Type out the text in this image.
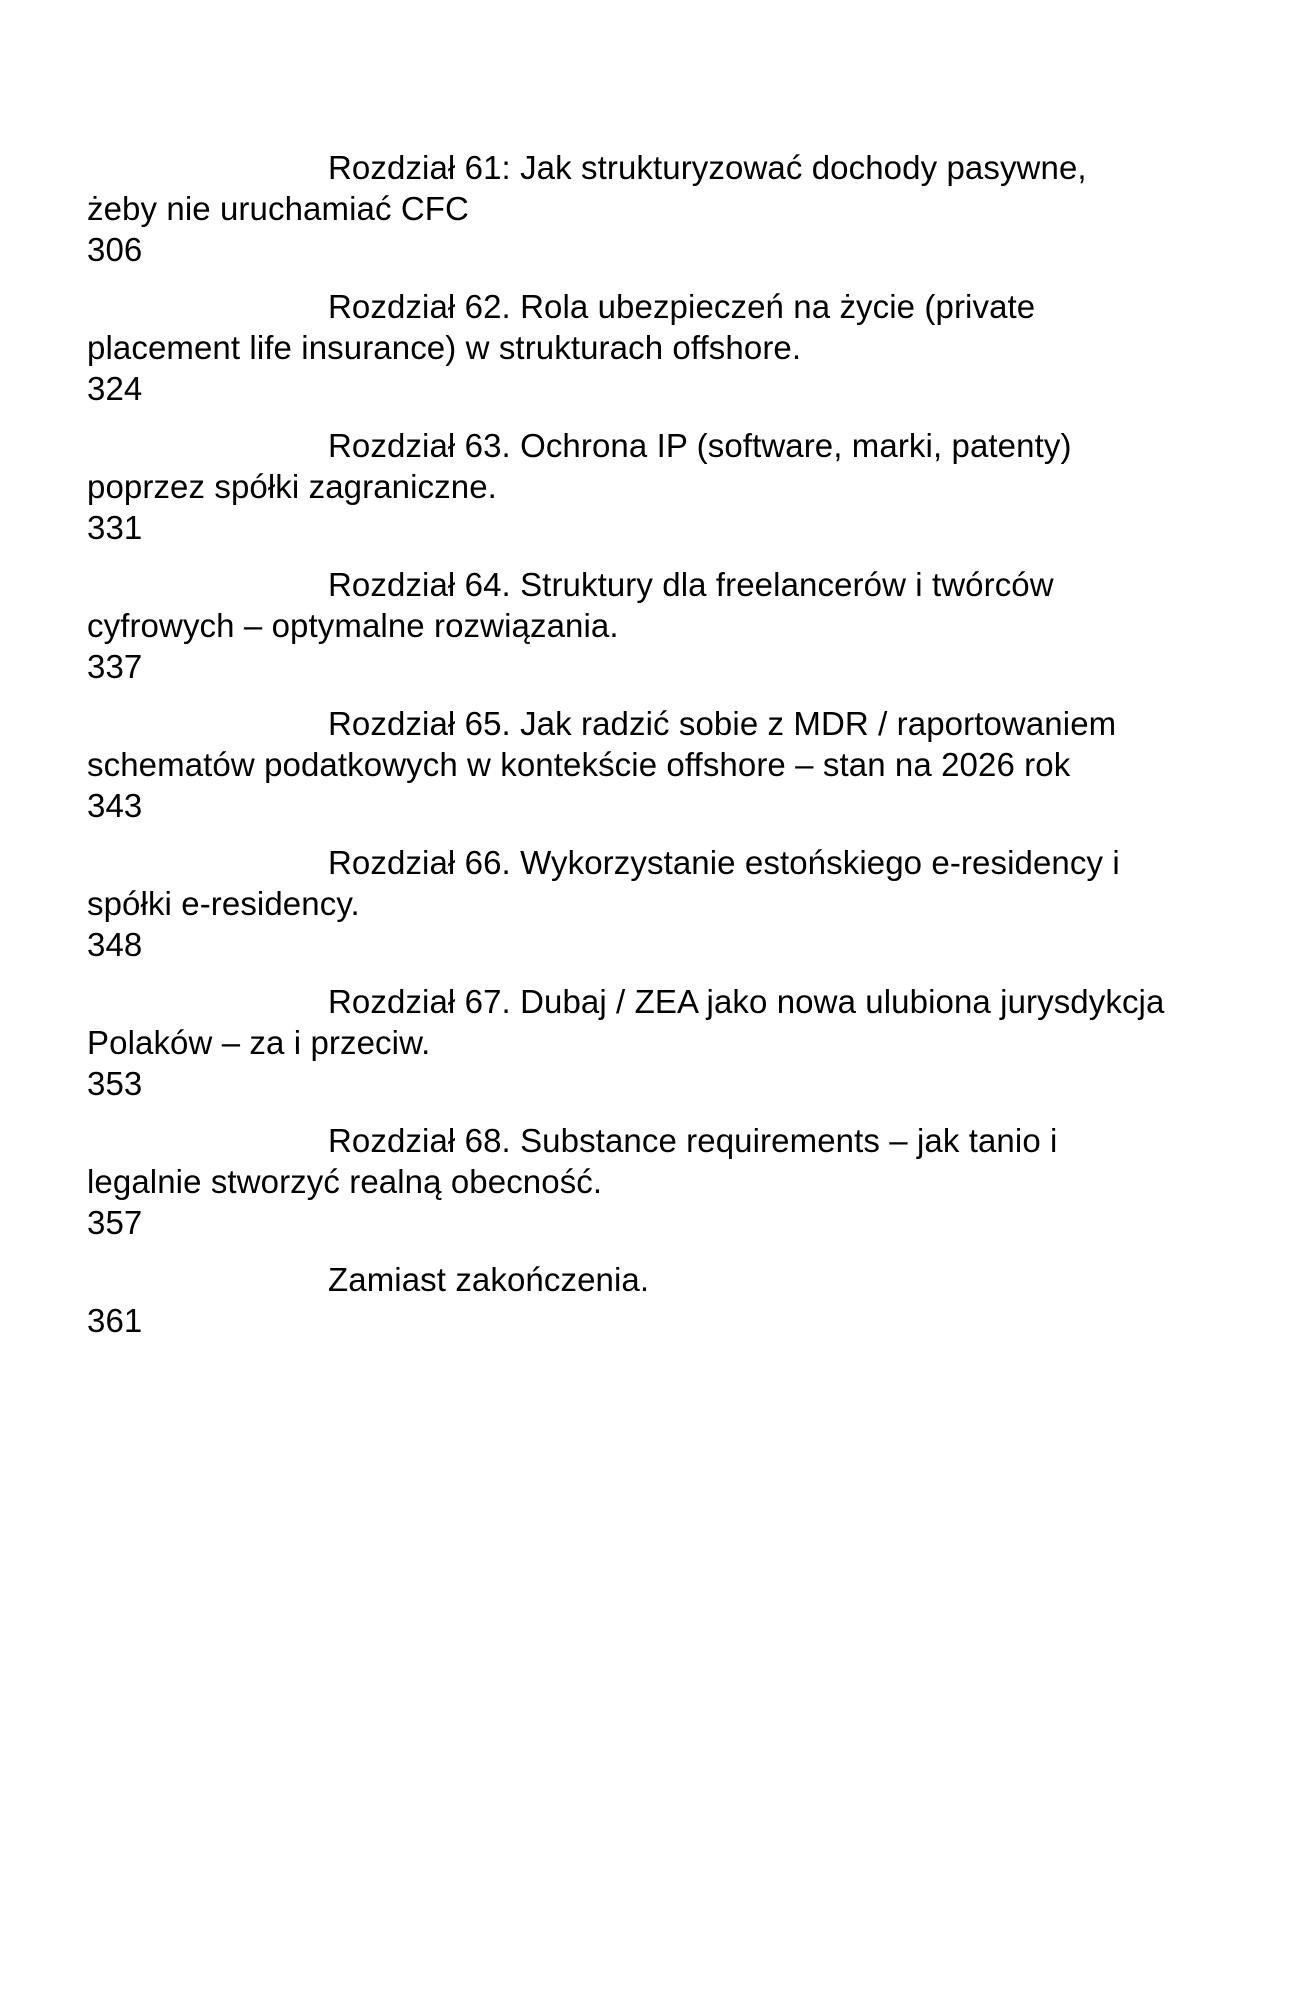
Rozdział 61: Jak strukturyzować dochody pasywne,
żeby nie uruchamiać CFC
306
Rozdział 62. Rola ubezpieczeń na życie (private
placement life insurance) w strukturach offshore.
324
Rozdział 63. Ochrona IP (software, marki, patenty)
poprzez spółki zagraniczne.
331
Rozdział 64. Struktury dla freelancerów i twórców
cyfrowych – optymalne rozwiązania.
337
Rozdział 65. Jak radzić sobie z MDR / raportowaniem
schematów podatkowych w kontekście offshore – stan na 2026 rok
343
Rozdział 66. Wykorzystanie estońskiego e-residency i
spółki e-residency.
348
Rozdział 67. Dubaj / ZEA jako nowa ulubiona jurysdykcja
Polaków – za i przeciw.
353
Rozdział 68. Substance requirements – jak tanio i
legalnie stworzyć realną obecność.
357
Zamiast zakończenia.
361
